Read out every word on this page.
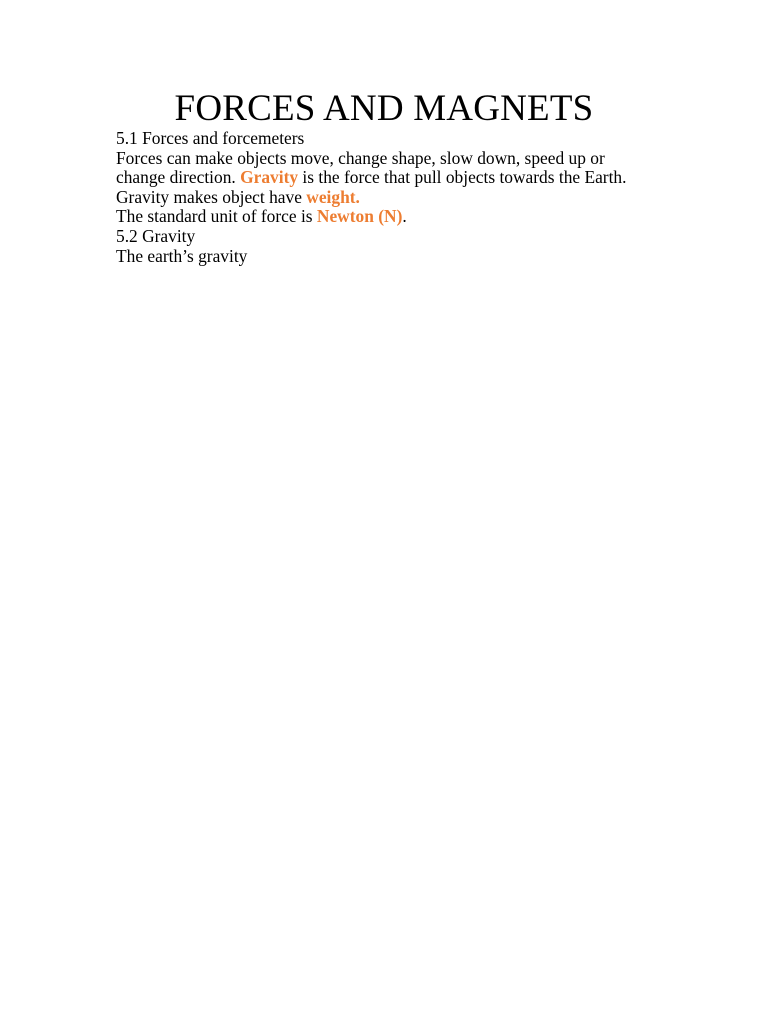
FORCES AND MAGNETS
5.1 Forces and forcemeters
Forces can make objects move, change shape, slow down, speed up or
change direction. Gravity is the force that pull objects towards the Earth.
Gravity makes object have weight.
The standard unit of force is Newton (N).
5.2 Gravity
The earth’s gravity
